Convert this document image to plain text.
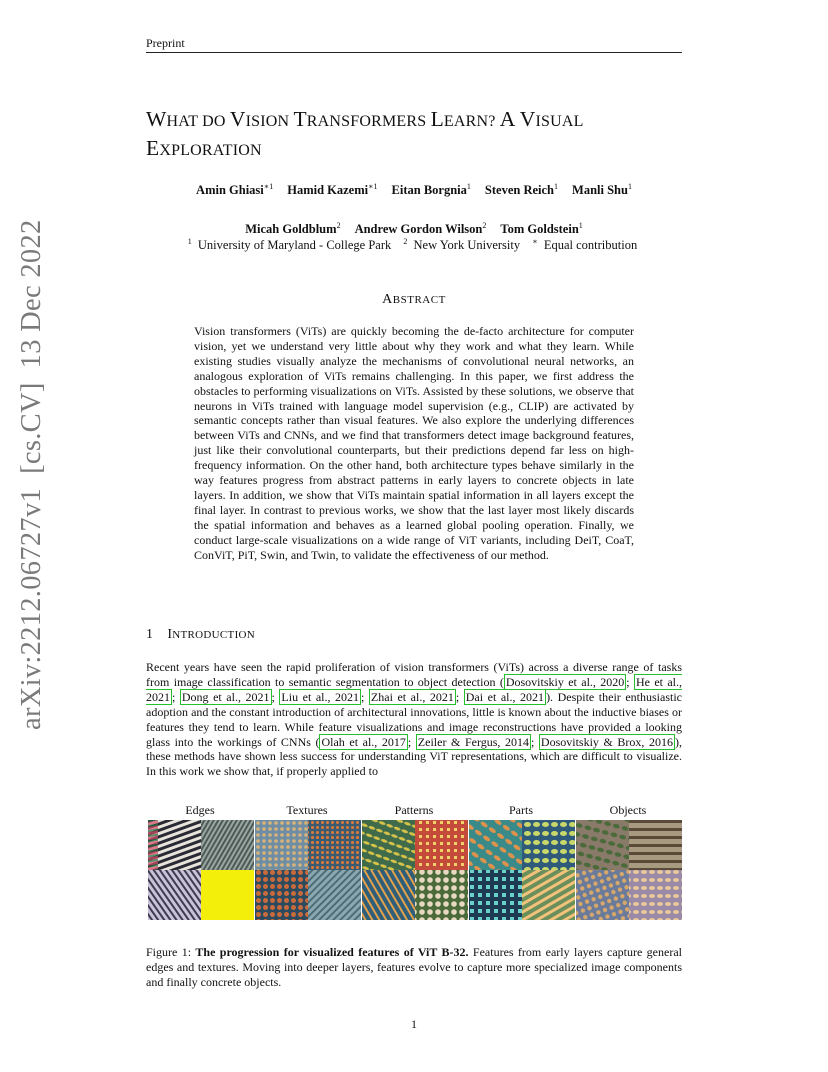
Preprint
WHAT DO VISION TRANSFORMERS LEARN? A VISUAL
EXPLORATION
Amin Ghiasi$^{∗1}$ Hamid Kazemi$^{∗1}$ Eitan Borgnia$^1$ Steven Reich$^1$ Manli Shu$^1$
Micah Goldblum$^2$ Andrew Gordon Wilson$^2$ Tom Goldstein$^1$
$^1$ University of Maryland - College Park $^2$ New York University ∗ Equal contribution
ABSTRACT
Vision transformers (ViTs) are quickly becoming the de-facto architecture for computer vision, yet we understand very little about why they work and what they learn. While existing studies visually analyze the mechanisms of convolutional neural networks, an analogous exploration of ViTs remains challenging. In this paper, we first address the obstacles to performing visualizations on ViTs. Assisted by these solutions, we observe that neurons in ViTs trained with language model supervision (e.g., CLIP) are activated by semantic concepts rather than visual features. We also explore the underlying differences between ViTs and CNNs, and we find that transformers detect image background features, just like their convolutional counterparts, but their predictions depend far less on high-frequency information. On the other hand, both architecture types behave similarly in the way features progress from abstract patterns in early layers to concrete objects in late layers. In addition, we show that ViTs maintain spatial information in all layers except the final layer. In contrast to previous works, we show that the last layer most likely discards the spatial information and behaves as a learned global pooling operation. Finally, we conduct large-scale visualizations on a wide range of ViT variants, including DeiT, CoaT, ConViT, PiT, Swin, and Twin, to validate the effectiveness of our method.
1 INTRODUCTION
Recent years have seen the rapid proliferation of vision transformers (ViTs) across a diverse range of tasks from image classification to semantic segmentation to object detection ( Dosovitskiy et al., 2020 ; He et al., 2021 ; Dong et al., 2021 ; Liu et al., 2021 ; Zhai et al., 2021 ; Dai et al., 2021 ). Despite their enthusiastic adoption and the constant introduction of architectural innovations, little is known about the inductive biases or features they tend to learn. While feature visualizations and image reconstructions have provided a looking glass into the workings of CNNs ( Olah et al., 2017 ; Zeiler & Fergus, 2014 ; Dosovitskiy & Brox, 2016 ), these methods have shown less success for understanding ViT representations, which are difficult to visualize. In this work we show that, if properly applied to
Edges	Textures	Patterns	Parts	Objects
Figure 1: The progression for visualized features of ViT B-32. Features from early layers capture general edges and textures. Moving into deeper layers, features evolve to capture more specialized image components and finally concrete objects.
1
arXiv:2212.06727v1[cs.CV]13 Dec 2022
